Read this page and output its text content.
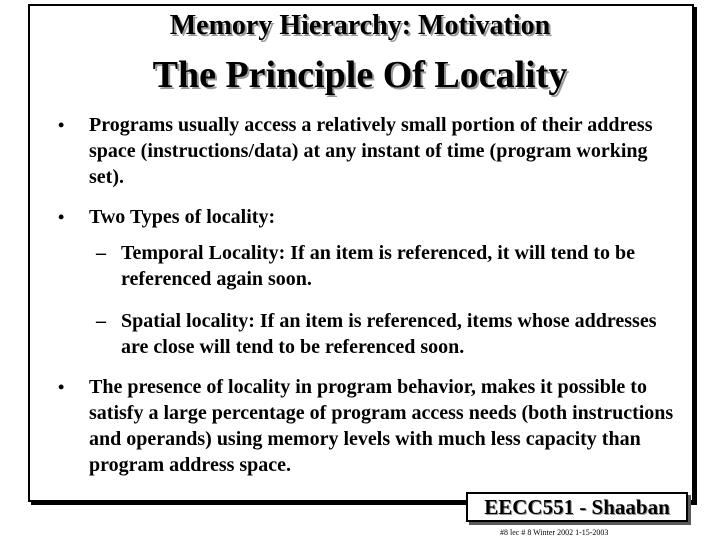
Memory Hierarchy: Motivation
The Principle Of Locality
• Programs usually access a relatively small portion of their address space (instructions/data) at any instant of time (program working set).
• Two Types of locality:
– Temporal Locality: If an item is referenced, it will tend to be referenced again soon.
– Spatial locality: If an item is referenced, items whose addresses are close will tend to be referenced soon.
• The presence of locality in program behavior, makes it possible to satisfy a large percentage of program access needs (both instructions and operands) using memory levels with much less capacity than program address space.
EECC551 - Shaaban
#8 lec # 8 Winter 2002 1-15-2003
